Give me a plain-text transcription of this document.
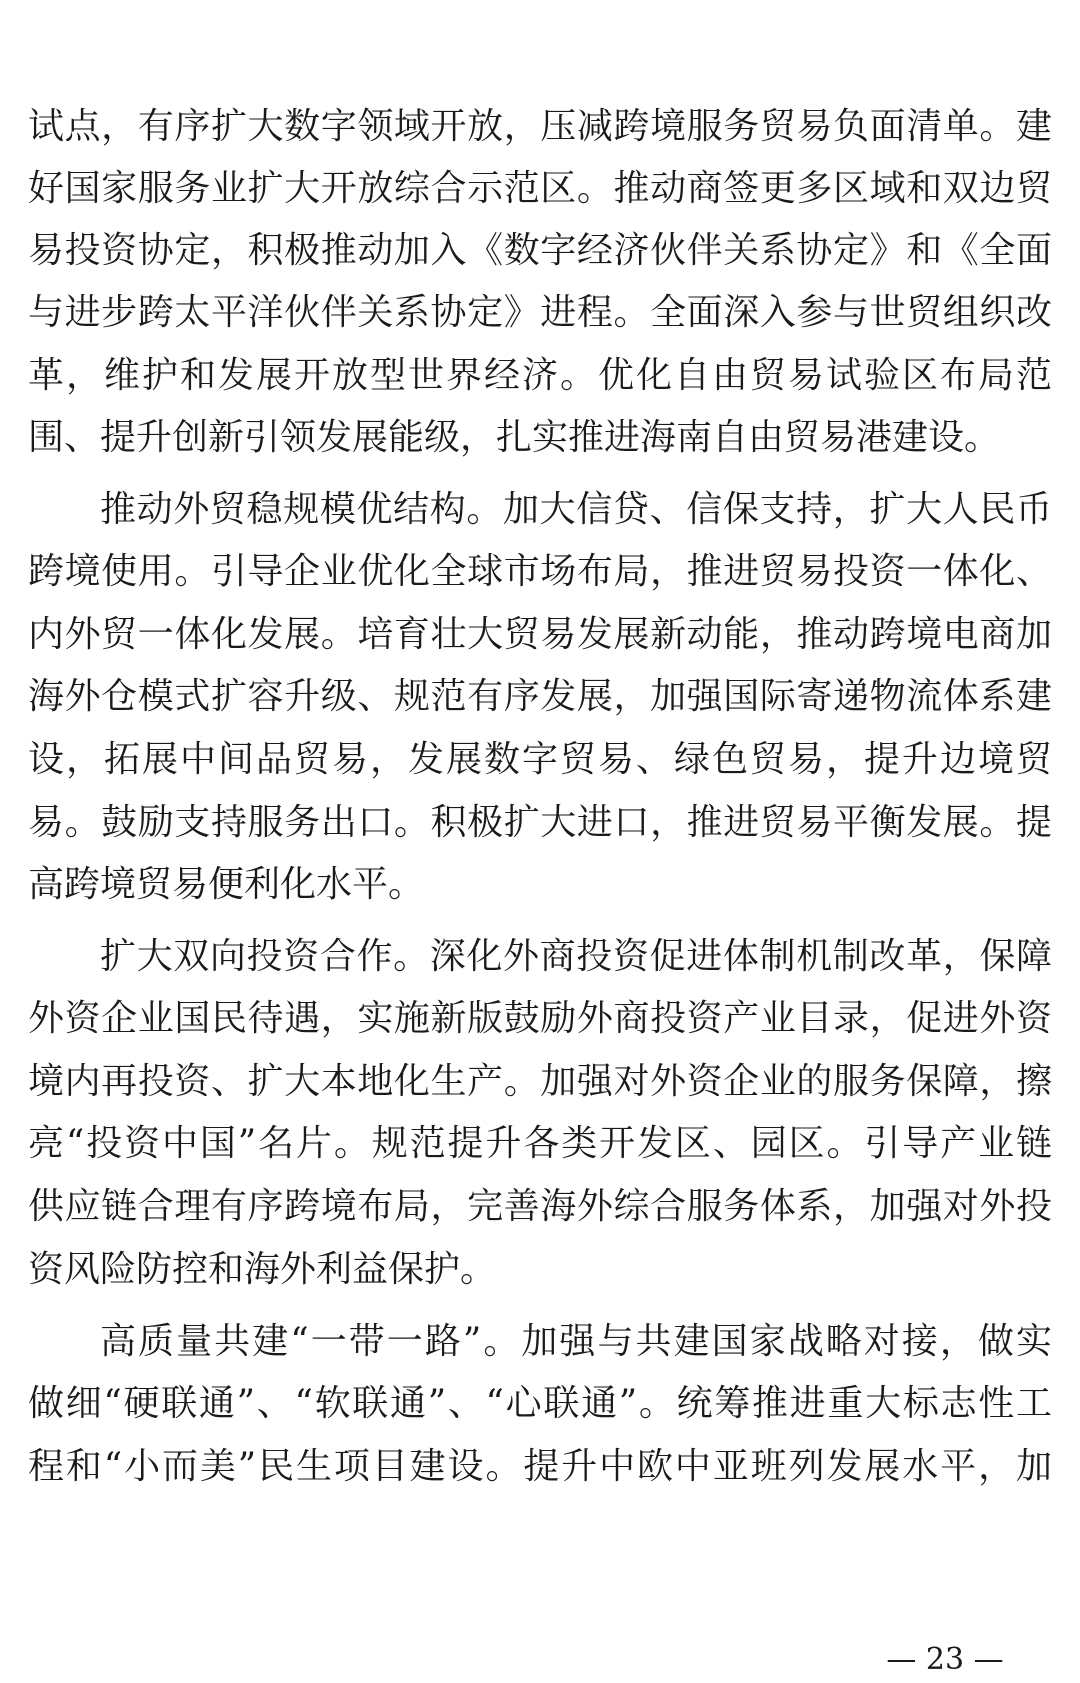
试点，有序扩大数字领域开放，压减跨境服务贸易负面清单。建
好国家服务业扩大开放综合示范区。推动商签更多区域和双边贸
易投资协定，积极推动加入《数字经济伙伴关系协定》和《全面
与进步跨太平洋伙伴关系协定》进程。全面深入参与世贸组织改
革，维护和发展开放型世界经济。优化自由贸易试验区布局范
围、提升创新引领发展能级，扎实推进海南自由贸易港建设。
推动外贸稳规模优结构。加大信贷、信保支持，扩大人民币
跨境使用。引导企业优化全球市场布局，推进贸易投资一体化、
内外贸一体化发展。培育壮大贸易发展新动能，推动跨境电商加
海外仓模式扩容升级、规范有序发展，加强国际寄递物流体系建
设，拓展中间品贸易，发展数字贸易、绿色贸易，提升边境贸
易。鼓励支持服务出口。积极扩大进口，推进贸易平衡发展。提
高跨境贸易便利化水平。
扩大双向投资合作。深化外商投资促进体制机制改革，保障
外资企业国民待遇，实施新版鼓励外商投资产业目录，促进外资
境内再投资、扩大本地化生产。加强对外资企业的服务保障，擦
亮“投资中国”名片。规范提升各类开发区、园区。引导产业链
供应链合理有序跨境布局，完善海外综合服务体系，加强对外投
资风险防控和海外利益保护。
高质量共建“一带一路”。加强与共建国家战略对接，做实
做细“硬联通”、“软联通”、“心联通”。统筹推进重大标志性工
程和“小而美”民生项目建设。提升中欧中亚班列发展水平，加
— 23 —
